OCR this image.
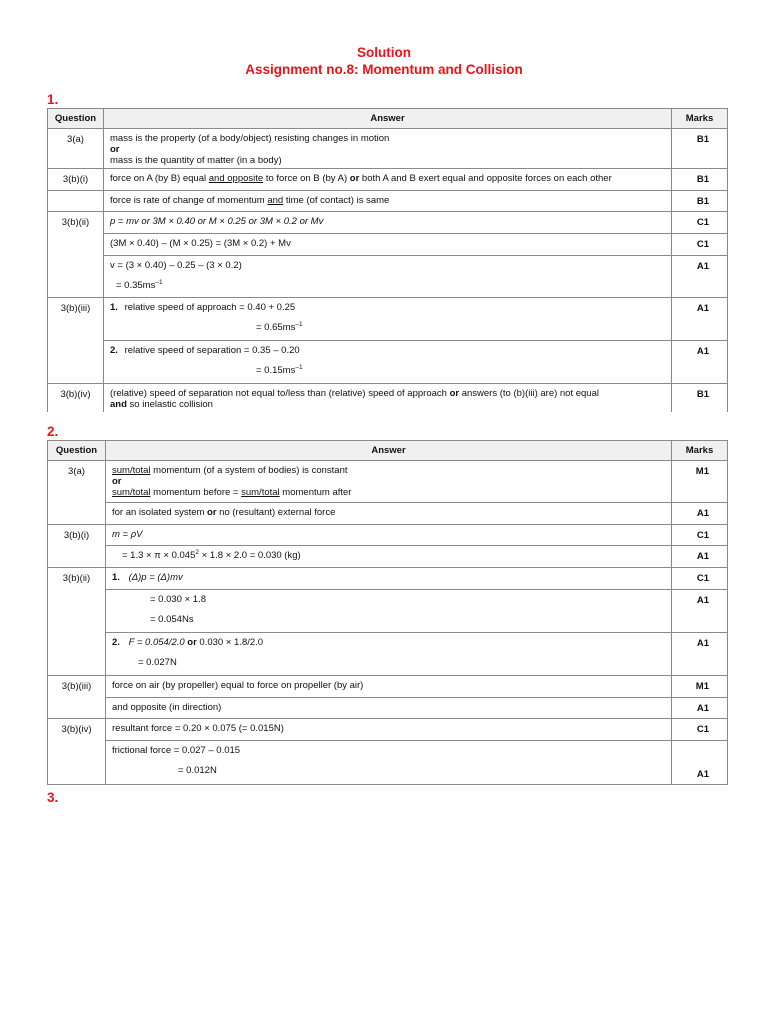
Solution
Assignment no.8: Momentum and Collision
1.
Question	Answer	Marks
3(a)	mass is the property (of a body/object) resisting changes in motion
or
mass is the quantity of matter (in a body)	B1
3(b)(i)	force on A (by B) equal and opposite to force on B (by A) or both A and B exert equal and opposite forces on each other	B1
	force is rate of change of momentum and time (of contact) is same	B1
3(b)(ii)	p = mv or 3M × 0.40 or M × 0.25 or 3M × 0.2 or Mv	C1
	(3M × 0.40) – (M × 0.25) = (3M × 0.2) + Mv	C1
	v = (3 × 0.40) – 0.25 – (3 × 0.2)
= $0.35ms^{-1}$	A1
3(b)(iii)	1. relative speed of approach = 0.40 + 0.25
= $0.65ms^{-1}$	A1
	2. relative speed of separation = 0.35 – 0.20
= $0.15ms^{-1}$	A1
3(b)(iv)	(relative) speed of separation not equal to/less than (relative) speed of approach or answers (to (b)(iii) are) not equal
and so inelastic collision	B1
2.
Question	Answer	Marks
3(a)	sum/total momentum (of a system of bodies) is constant
or
sum/total momentum before = sum/total momentum after	M1
	for an isolated system or no (resultant) external force	A1
3(b)(i)	m = ρV	C1
	= $1.3 \times \pi \times 0.045^2 \times 1.8 \times 2.0 = 0.030$ (kg)	A1
3(b)(ii)	1. (Δ)p = (Δ)mv	C1
	= 0.030 × 1.8
= 0.054Ns	A1
	2. F = 0.054/2.0 or 0.030 × 1.8/2.0
= 0.027N	A1
3(b)(iii)	force on air (by propeller) equal to force on propeller (by air)	M1
	and opposite (in direction)	A1
3(b)(iv)	resultant force = 0.20 × 0.075 (= 0.015N)	C1
	frictional force = 0.027 – 0.015
= 0.012N	A1
3.
